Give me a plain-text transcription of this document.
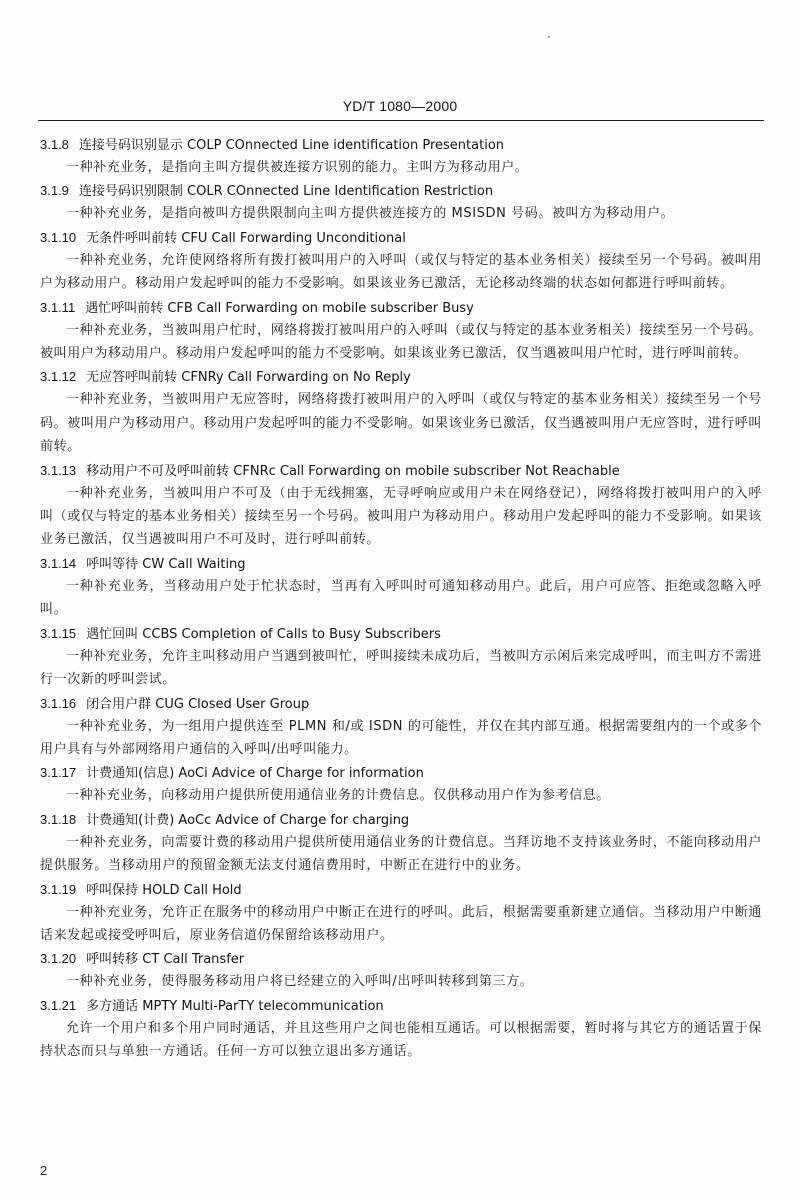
YD/T 1080—2000
3.1.8 连接号码识别显示 COLP COnnected Line identification Presentation

一种补充业务，是指向主叫方提供被连接方识别的能力。主叫方为移动用户。

3.1.9 连接号码识别限制 COLR COnnected Line Identification Restriction

一种补充业务，是指向被叫方提供限制向主叫方提供被连接方的 MSISDN 号码。被叫方为移动用户。

3.1.10 无条件呼叫前转 CFU Call Forwarding Unconditional

一种补充业务，允许使网络将所有拨打被叫用户的入呼叫（或仅与特定的基本业务相关）接续至另一个号码。被叫用户为移动用户。移动用户发起呼叫的能力不受影响。如果该业务已激活，无论移动终端的状态如何都进行呼叫前转。

3.1.11 遇忙呼叫前转 CFB Call Forwarding on mobile subscriber Busy

一种补充业务，当被叫用户忙时，网络将拨打被叫用户的入呼叫（或仅与特定的基本业务相关）接续至另一个号码。被叫用户为移动用户。移动用户发起呼叫的能力不受影响。如果该业务已激活，仅当遇被叫用户忙时，进行呼叫前转。

3.1.12 无应答呼叫前转 CFNRy Call Forwarding on No Reply

一种补充业务，当被叫用户无应答时，网络将拨打被叫用户的入呼叫（或仅与特定的基本业务相关）接续至另一个号码。被叫用户为移动用户。移动用户发起呼叫的能力不受影响。如果该业务已激活，仅当遇被叫用户无应答时，进行呼叫前转。

3.1.13 移动用户不可及呼叫前转 CFNRc Call Forwarding on mobile subscriber Not Reachable

一种补充业务，当被叫用户不可及（由于无线拥塞，无寻呼响应或用户未在网络登记），网络将拨打被叫用户的入呼叫（或仅与特定的基本业务相关）接续至另一个号码。被叫用户为移动用户。移动用户发起呼叫的能力不受影响。如果该业务已激活，仅当遇被叫用户不可及时，进行呼叫前转。

3.1.14 呼叫等待 CW Call Waiting

一种补充业务，当移动用户处于忙状态时，当再有入呼叫时可通知移动用户。此后，用户可应答、拒绝或忽略入呼叫。

3.1.15 遇忙回叫 CCBS Completion of Calls to Busy Subscribers

一种补充业务，允许主叫移动用户当遇到被叫忙，呼叫接续未成功后，当被叫方示闲后来完成呼叫，而主叫方不需进行一次新的呼叫尝试。

3.1.16 闭合用户群 CUG Closed User Group

一种补充业务，为一组用户提供连至 PLMN 和/或 ISDN 的可能性，并仅在其内部互通。根据需要组内的一个或多个用户具有与外部网络用户通信的入呼叫/出呼叫能力。

3.1.17 计费通知(信息) AoCi Advice of Charge for information

一种补充业务，向移动用户提供所使用通信业务的计费信息。仅供移动用户作为参考信息。

3.1.18 计费通知(计费) AoCc Advice of Charge for charging

一种补充业务，向需要计费的移动用户提供所使用通信业务的计费信息。当拜访地不支持该业务时，不能向移动用户提供服务。当移动用户的预留金额无法支付通信费用时，中断正在进行中的业务。

3.1.19 呼叫保持 HOLD Call Hold

一种补充业务，允许正在服务中的移动用户中断正在进行的呼叫。此后，根据需要重新建立通信。当移动用户中断通话来发起或接受呼叫后，原业务信道仍保留给该移动用户。

3.1.20 呼叫转移 CT Call Transfer

一种补充业务，使得服务移动用户将已经建立的入呼叫/出呼叫转移到第三方。

3.1.21 多方通话 MPTY Multi-ParTY telecommunication

允许一个用户和多个用户同时通话，并且这些用户之间也能相互通话。可以根据需要，暂时将与其它方的通话置于保持状态而只与单独一方通话。任何一方可以独立退出多方通话。

2
